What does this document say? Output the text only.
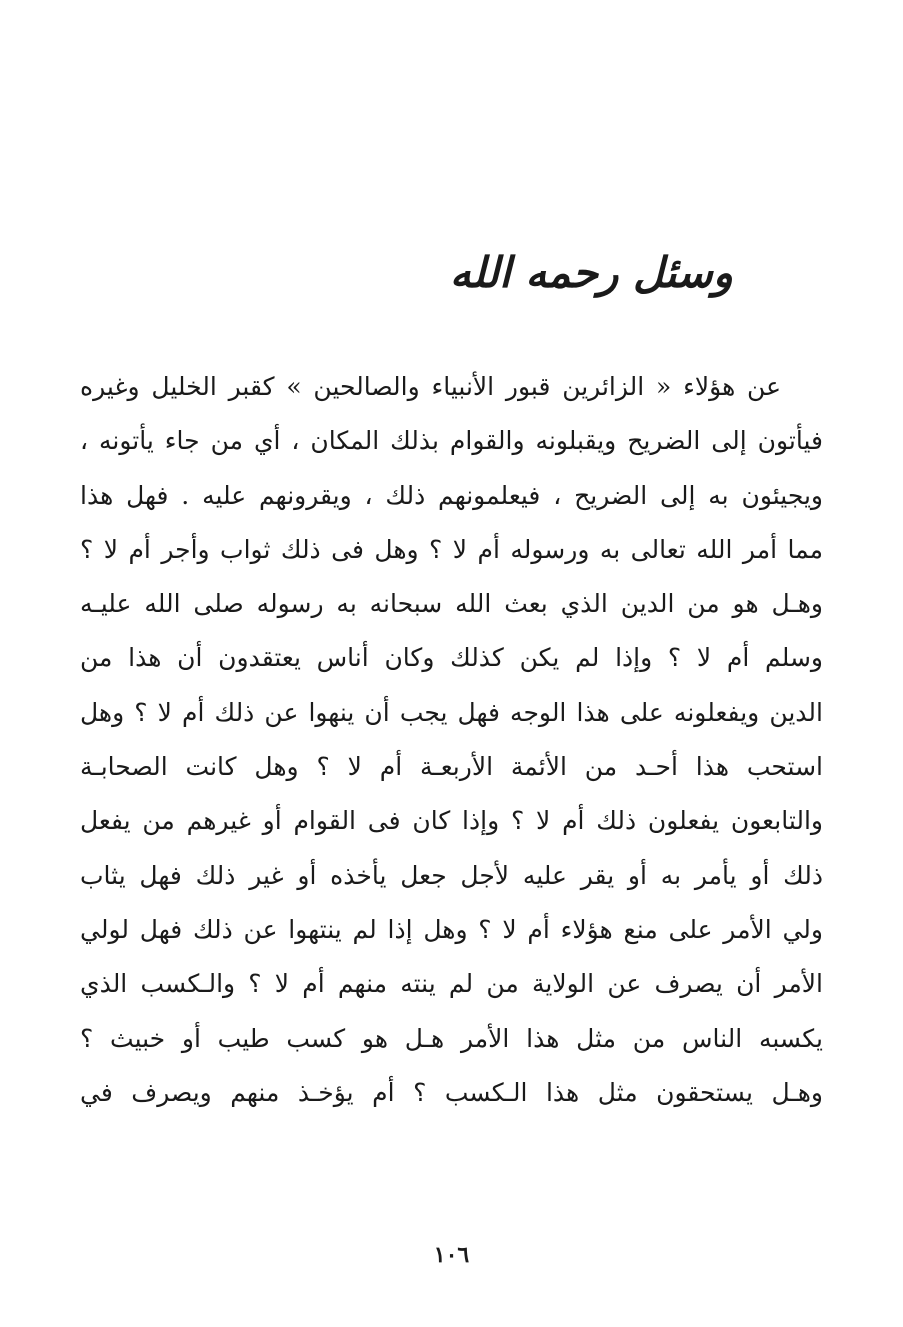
وسئل رحمه الله
عن هؤلاء « الزائرين قبور الأنبياء والصالحين » كقبر الخليل وغيره
فيأتون إلى الضريح ويقبلونه والقوام بذلك المكان ، أي من جاء يأتونه ،
ويجيئون به إلى الضريح ، فيعلمونهم ذلك ، ويقرونهم عليه . فهل هذا
مما أمر الله تعالى به ورسوله أم لا ؟ وهل فى ذلك ثواب وأجر أم لا ؟
وهـل هو من الدين الذي بعث الله سبحانه به رسوله صلى الله عليـه
وسلم أم لا ؟ وإذا لم يكن كذلك وكان أناس يعتقدون أن هذا من
الدين ويفعلونه على هذا الوجه فهل يجب أن ينهوا عن ذلك أم لا ؟ وهل
استحب هذا أحـد من الأئمة الأربعـة أم لا ؟ وهل كانت الصحابـة
والتابعون يفعلون ذلك أم لا ؟ وإذا كان فى القوام أو غيرهم من يفعل
ذلك أو يأمر به أو يقر عليه لأجل جعل يأخذه أو غير ذلك فهل يثاب
ولي الأمر على منع هؤلاء أم لا ؟ وهل إذا لم ينتهوا عن ذلك فهل لولي
الأمر أن يصرف عن الولاية من لم ينته منهم أم لا ؟ والـكسب الذي
يكسبه الناس من مثل هذا الأمر هـل هو كسب طيب أو خبيث ؟
وهـل يستحقون مثل هذا الـكسب ؟ أم يؤخـذ منهم ويصرف في
١٠٦
